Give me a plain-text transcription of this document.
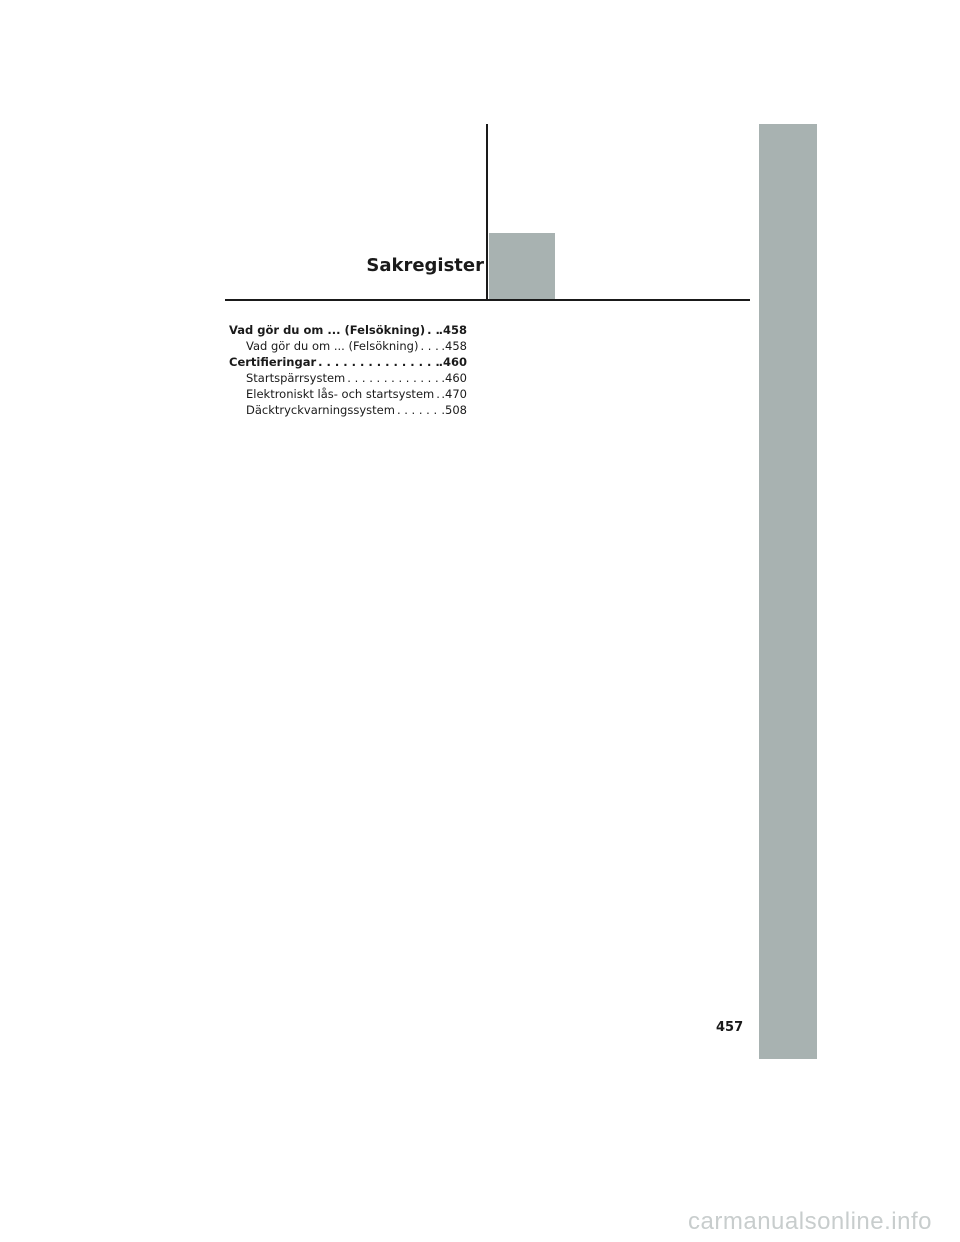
Sakregister
Vad gör du om ... (Felsökning) . . . .458
Vad gör du om ... (Felsökning) . . . .458
Certifieringar . . .	.460
Startspärrsystem . . .	.460
Elektroniskt lås- och startsystem . . . .470
Däcktryckvarningssystem . . .	.508
457
carmanualsonline.info
